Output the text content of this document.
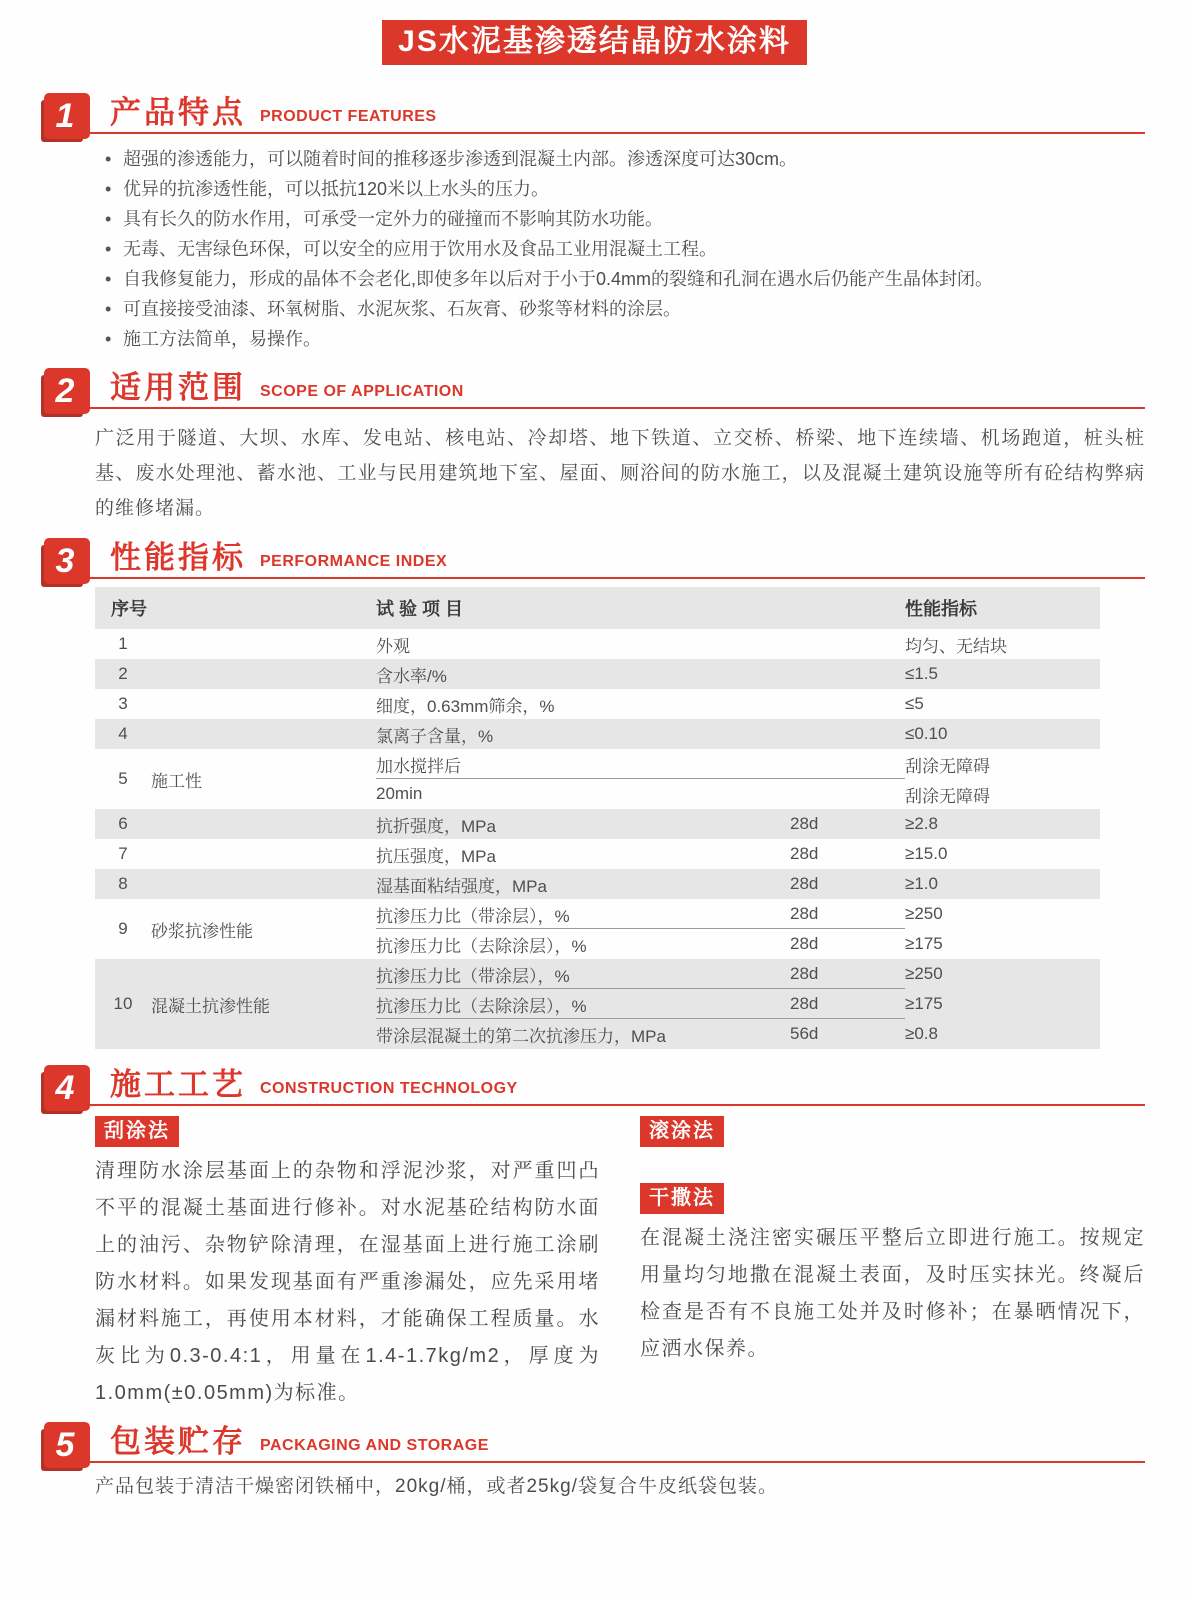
JS水泥基渗透结晶防水涂料
1	产品特点 PRODUCT FEATURES
• 超强的渗透能力，可以随着时间的推移逐步渗透到混凝土内部。渗透深度可达30cm。
• 优异的抗渗透性能，可以抵抗120米以上水头的压力。
• 具有长久的防水作用，可承受一定外力的碰撞而不影响其防水功能。
• 无毒、无害绿色环保，可以安全的应用于饮用水及食品工业用混凝土工程。
• 自我修复能力，形成的晶体不会老化,即使多年以后对于小于0.4mm的裂缝和孔洞在遇水后仍能产生晶体封闭。
• 可直接接受油漆、环氧树脂、水泥灰浆、石灰膏、砂浆等材料的涂层。
• 施工方法简单，易操作。
2	适用范围 SCOPE OF APPLICATION

广泛用于隧道、大坝、水库、发电站、核电站、冷却塔、地下铁道、立交桥、桥梁、地下连续墙、机场跑道，桩头桩基、废水处理池、蓄水池、工业与民用建筑地下室、屋面、厕浴间的防水施工，以及混凝土建筑设施等所有砼结构弊病的维修堵漏。

3	性能指标 PERFORMANCE INDEX
序号	试验项目	性能指标
1	外观	均匀、无结块
2	含水率/%	≤1.5
3	细度，0.63mm筛余，%	≤5
4	氯离子含量，%	≤0.10
5	施工性
加水搅拌后	刮涂无障碍
20min	刮涂无障碍
6	抗折强度，MPa	28d	≥2.8
7	抗压强度，MPa	28d	≥15.0
8	湿基面粘结强度，MPa	28d	≥1.0
9	砂浆抗渗性能
抗渗压力比（带涂层），%	28d	≥250
抗渗压力比（去除涂层），%	28d	≥175
10	混凝土抗渗性能
抗渗压力比（带涂层），%	28d	≥250
抗渗压力比（去除涂层），%	28d	≥175
带涂层混凝土的第二次抗渗压力，MPa	56d	≥0.8
4	施工工艺 CONSTRUCTION TECHNOLOGY
刮涂法

清理防水涂层基面上的杂物和浮泥沙浆，对严重凹凸不平的混凝土基面进行修补。对水泥基砼结构防水面上的油污、杂物铲除清理，在湿基面上进行施工涂刷防水材料。如果发现基面有严重渗漏处，应先采用堵漏材料施工，再使用本材料，才能确保工程质量。水灰比为0.3-0.4:1，用量在1.4-1.7kg/m2，厚度为1.0mm(±0.05mm)为标准。

滚涂法
干撒法

在混凝土浇注密实碾压平整后立即进行施工。按规定用量均匀地撒在混凝土表面，及时压实抹光。终凝后检查是否有不良施工处并及时修补；在暴晒情况下，应洒水保养。

5	包装贮存 PACKAGING AND STORAGE

产品包装于清洁干燥密闭铁桶中，20kg/桶，或者25kg/袋复合牛皮纸袋包装。
